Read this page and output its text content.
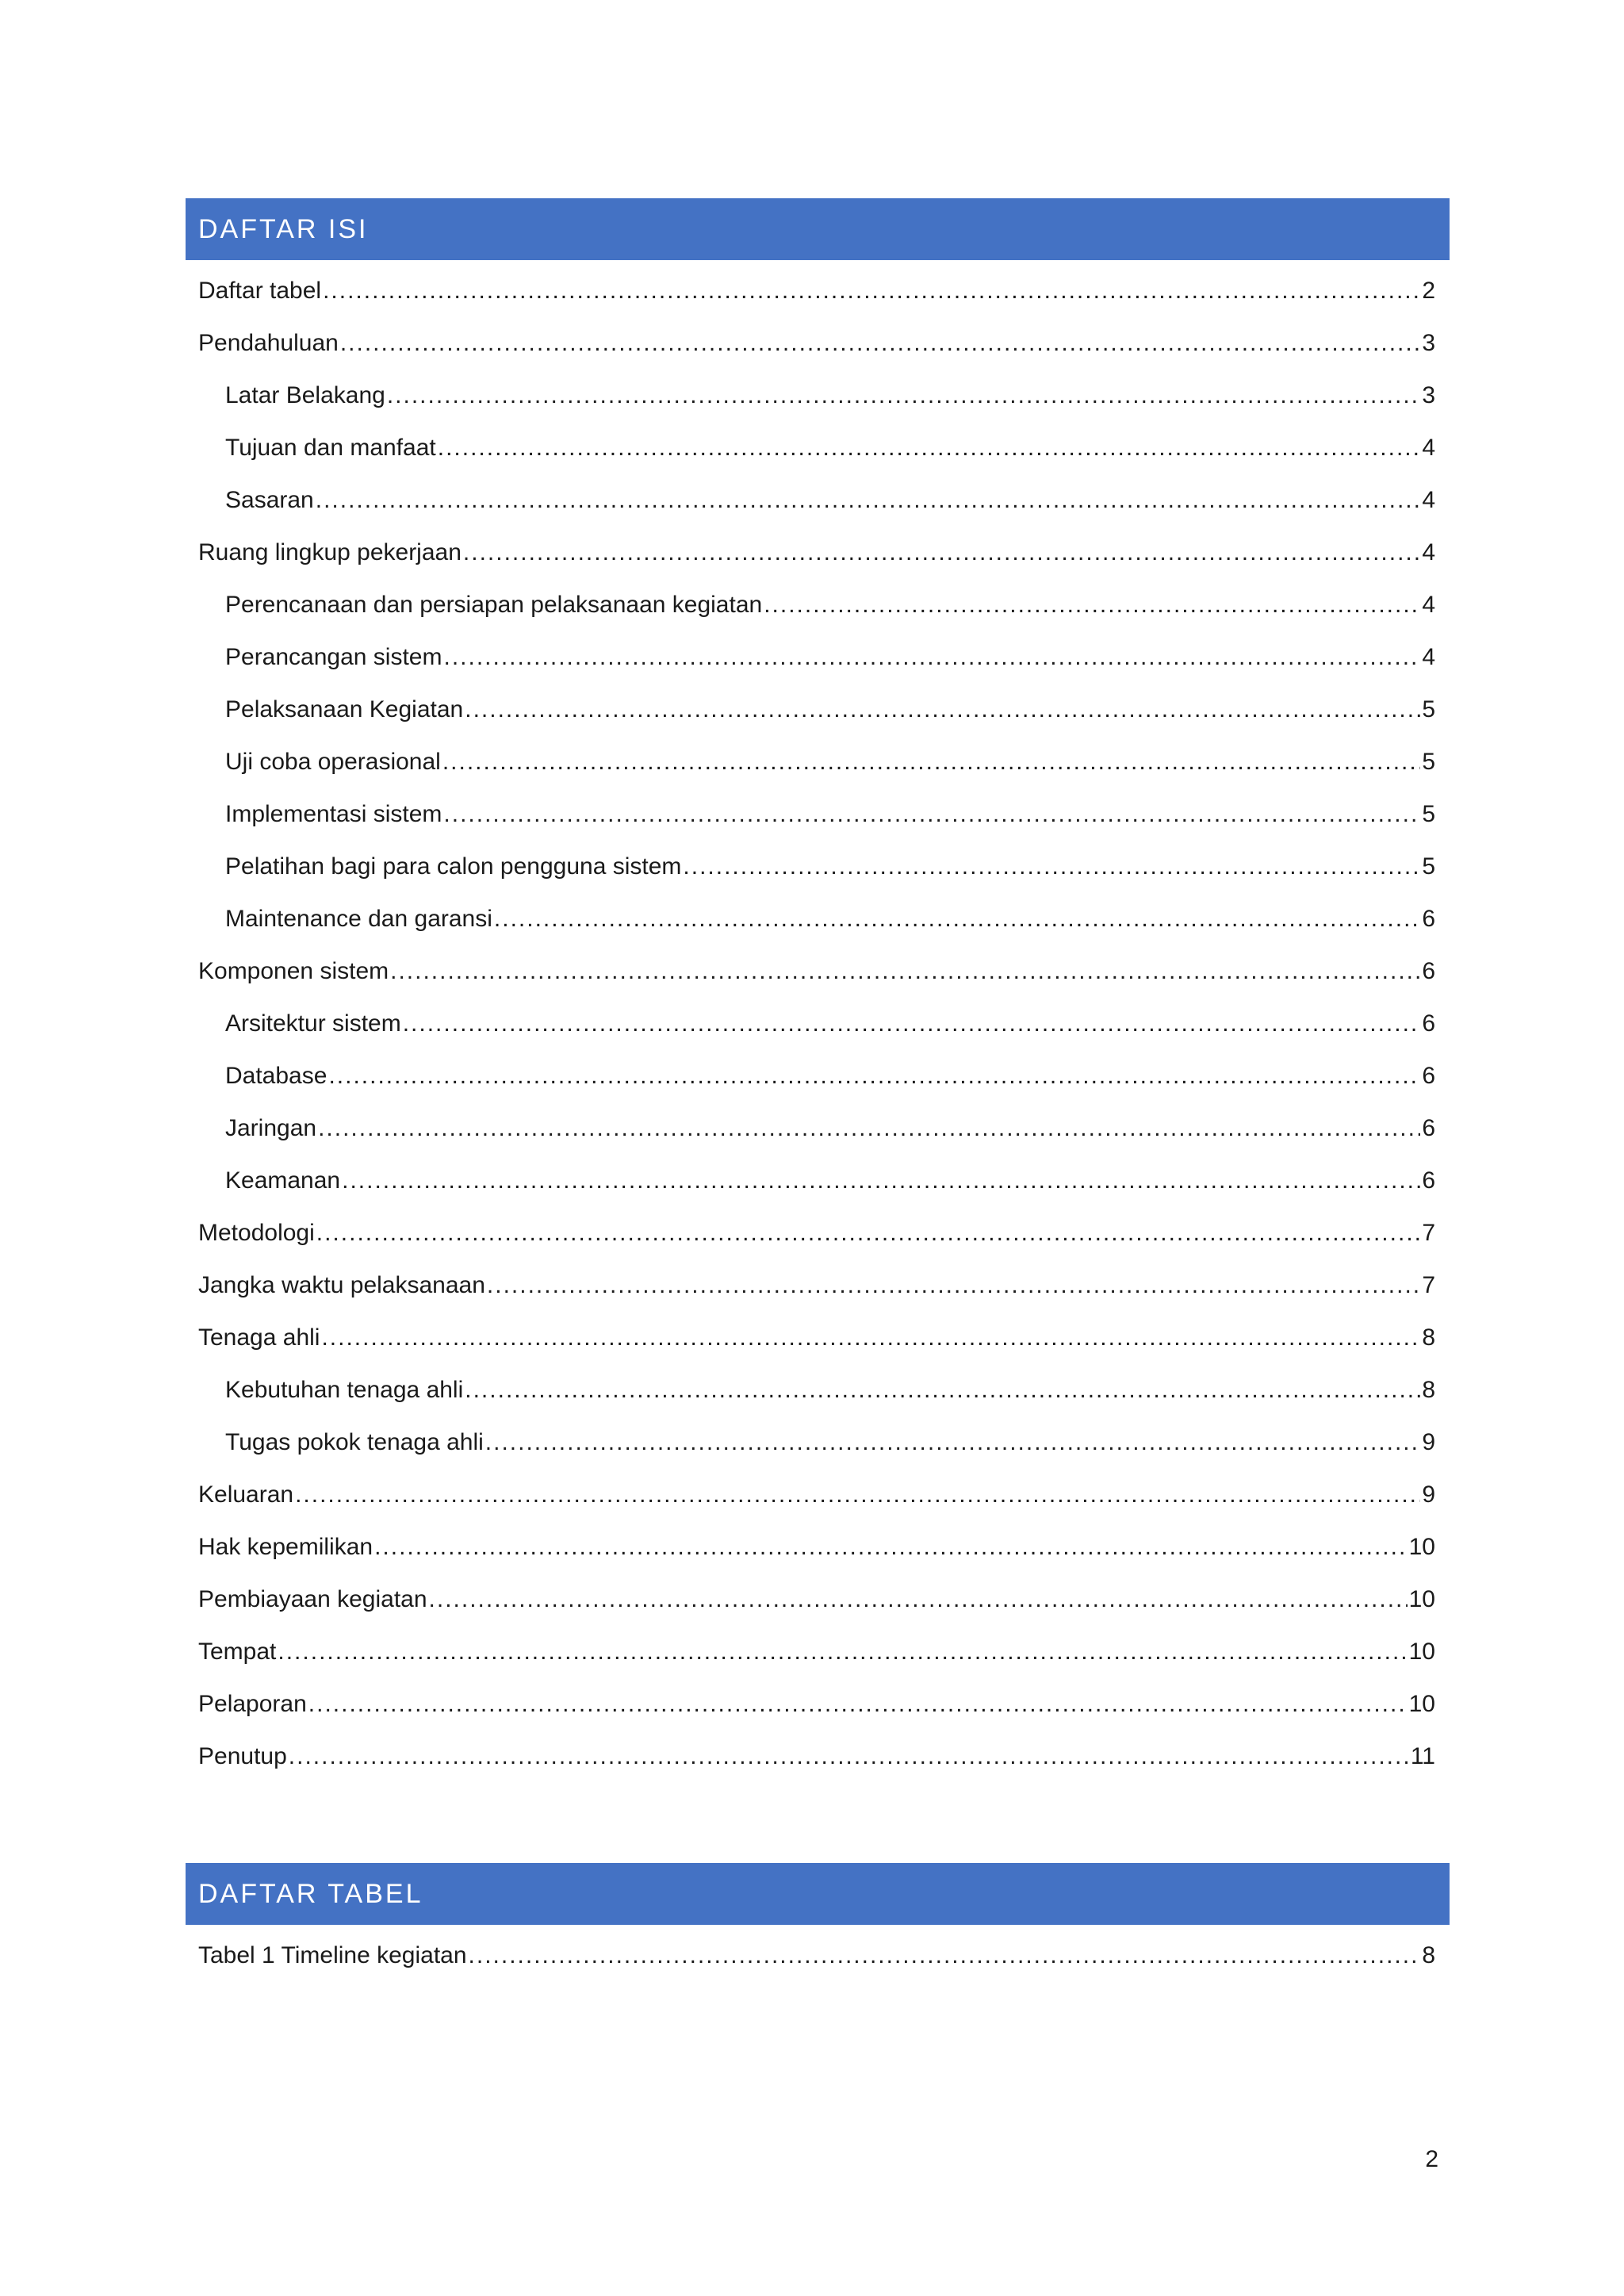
DAFTAR ISI
Daftar tabel .....	2
Pendahuluan .....	3
Latar Belakang .....	3
Tujuan dan manfaat .....	4
Sasaran .....	4
Ruang lingkup pekerjaan .....	4
Perencanaan dan persiapan pelaksanaan kegiatan .....	4
Perancangan sistem .....	4
Pelaksanaan Kegiatan .....	5
Uji coba operasional .....	5
Implementasi sistem .....	5
Pelatihan bagi para calon pengguna sistem .....	5
Maintenance dan garansi .....	6
Komponen sistem .....	6
Arsitektur sistem .....	6
Database .....	6
Jaringan .....	6
Keamanan .....	6
Metodologi .....	7
Jangka waktu pelaksanaan .....	7
Tenaga ahli .....	8
Kebutuhan tenaga ahli .....	8
Tugas pokok tenaga ahli .....	9
Keluaran .....	9
Hak kepemilikan .....	10
Pembiayaan kegiatan .....	10
Tempat .....	10
Pelaporan .....	10
Penutup .....	11
DAFTAR TABEL
Tabel 1 Timeline kegiatan .....	8
2
